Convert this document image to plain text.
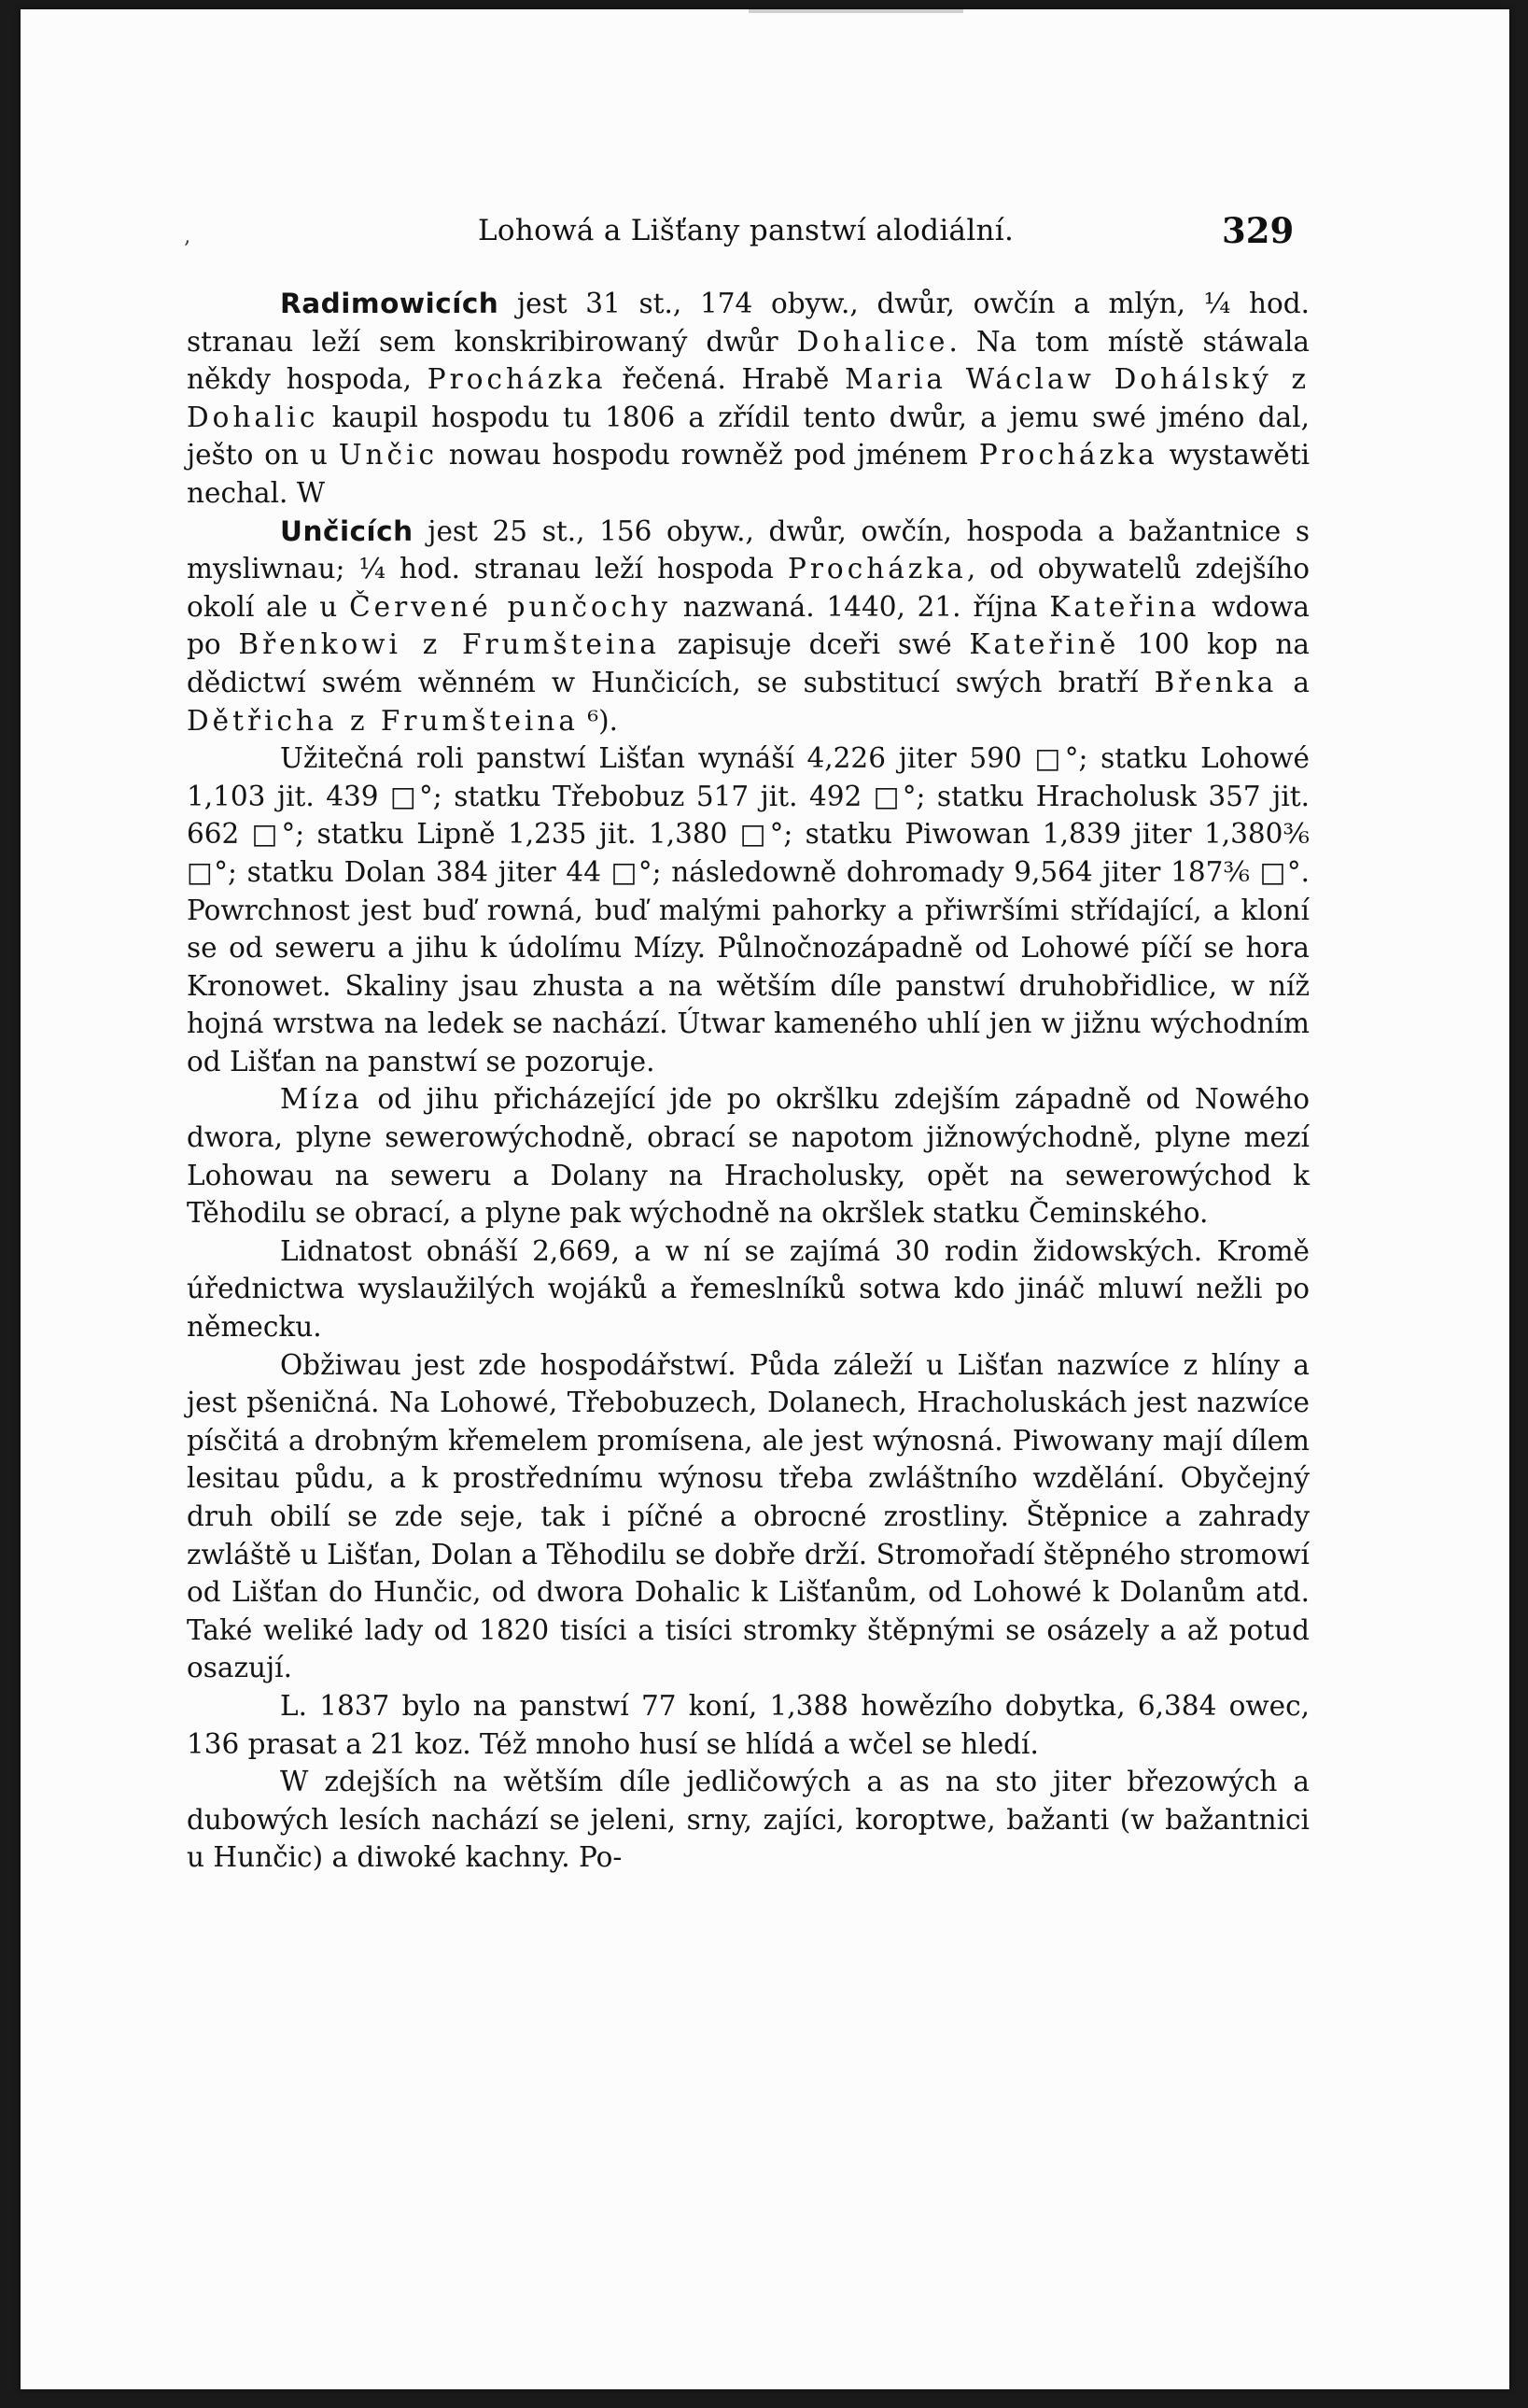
‚	Lohowá a Lišťany panstwí alodiální.	329

Radimowicích jest 31 st., 174 obyw., dwůr, owčín a mlýn, ¼ hod. stranau leží sem konskribirowaný dwůr Dohalice. Na tom místě stáwala někdy hospoda, Procházka řečená. Hrabě Maria Wáclaw Dohálský z Dohalic kaupil hospodu tu 1806 a zřídil tento dwůr, a jemu swé jméno dal, ješto on u Unčic nowau hospodu rowněž pod jménem Procházka wystawěti nechal. W

Unčicích jest 25 st., 156 obyw., dwůr, owčín, hospoda a bažantnice s mysliwnau; ¼ hod. stranau leží hospoda Procházka, od obywatelů zdejšího okolí ale u Červené punčochy nazwaná. 1440, 21. října Kateřina wdowa po Břenkowi z Frumšteina zapisuje dceři swé Kateřině 100 kop na dědictwí swém wěnném w Hunčicích, se substitucí swých bratří Břenka a Dětřicha z Frumšteina ⁶).

Užitečná roli panstwí Lišťan wynáší 4,226 jiter 590 □°; statku Lohowé 1,103 jit. 439 □°; statku Třebobuz 517 jit. 492 □°; statku Hracholusk 357 jit. 662 □°; statku Lipně 1,235 jit. 1,380 □°; statku Piwowan 1,839 jiter 1,380³⁄₆ □°; statku Dolan 384 jiter 44 □°; následowně dohromady 9,564 jiter 187³⁄₆ □°. Powrchnost jest buď rowná, buď malými pahorky a přiwršími střídající, a kloní se od seweru a jihu k údolímu Mízy. Půlnočnozápadně od Lohowé píčí se hora Kronowet. Skaliny jsau zhusta a na wětším díle panstwí druhobřidlice, w níž hojná wrstwa na ledek se nachází. Útwar kameného uhlí jen w jižnu wýchodním od Lišťan na panstwí se pozoruje.

Míza od jihu přicházející jde po okršlku zdejším západně od Nowého dwora, plyne sewerowýchodně, obrací se napotom jižnowýchodně, plyne mezí Lohowau na seweru a Dolany na Hracholusky, opět na sewerowýchod k Těhodilu se obrací, a plyne pak wýchodně na okršlek statku Čeminského.

Lidnatost obnáší 2,669, a w ní se zajímá 30 rodin židowských. Kromě úřednictwa wyslaužilých wojáků a řemeslníků sotwa kdo jináč mluwí nežli po německu.

Obžiwau jest zde hospodářstwí. Půda záleží u Lišťan nazwíce z hlíny a jest pšeničná. Na Lohowé, Třebobuzech, Dolanech, Hracholuskách jest nazwíce písčitá a drobným křemelem promísena, ale jest wýnosná. Piwowany mají dílem lesitau půdu, a k prostřednímu wýnosu třeba zwláštního wzdělání. Obyčejný druh obilí se zde seje, tak i píčné a obrocné zrostliny. Štěpnice a zahrady zwláště u Lišťan, Dolan a Těhodilu se dobře drží. Stromořadí štěpného stromowí od Lišťan do Hunčic, od dwora Dohalic k Lišťanům, od Lohowé k Dolanům atd. Také weliké lady od 1820 tisíci a tisíci stromky štěpnými se osázely a až potud osazují.

L. 1837 bylo na panstwí 77 koní, 1,388 howězího dobytka, 6,384 owec, 136 prasat a 21 koz. Též mnoho husí se hlídá a wčel se hledí.

W zdejších na wětším díle jedličowých a as na sto jiter březowých a dubowých lesích nachází se jeleni, srny, zajíci, koroptwe, bažanti (w bažantnici u Hunčic) a diwoké kachny. Po-
